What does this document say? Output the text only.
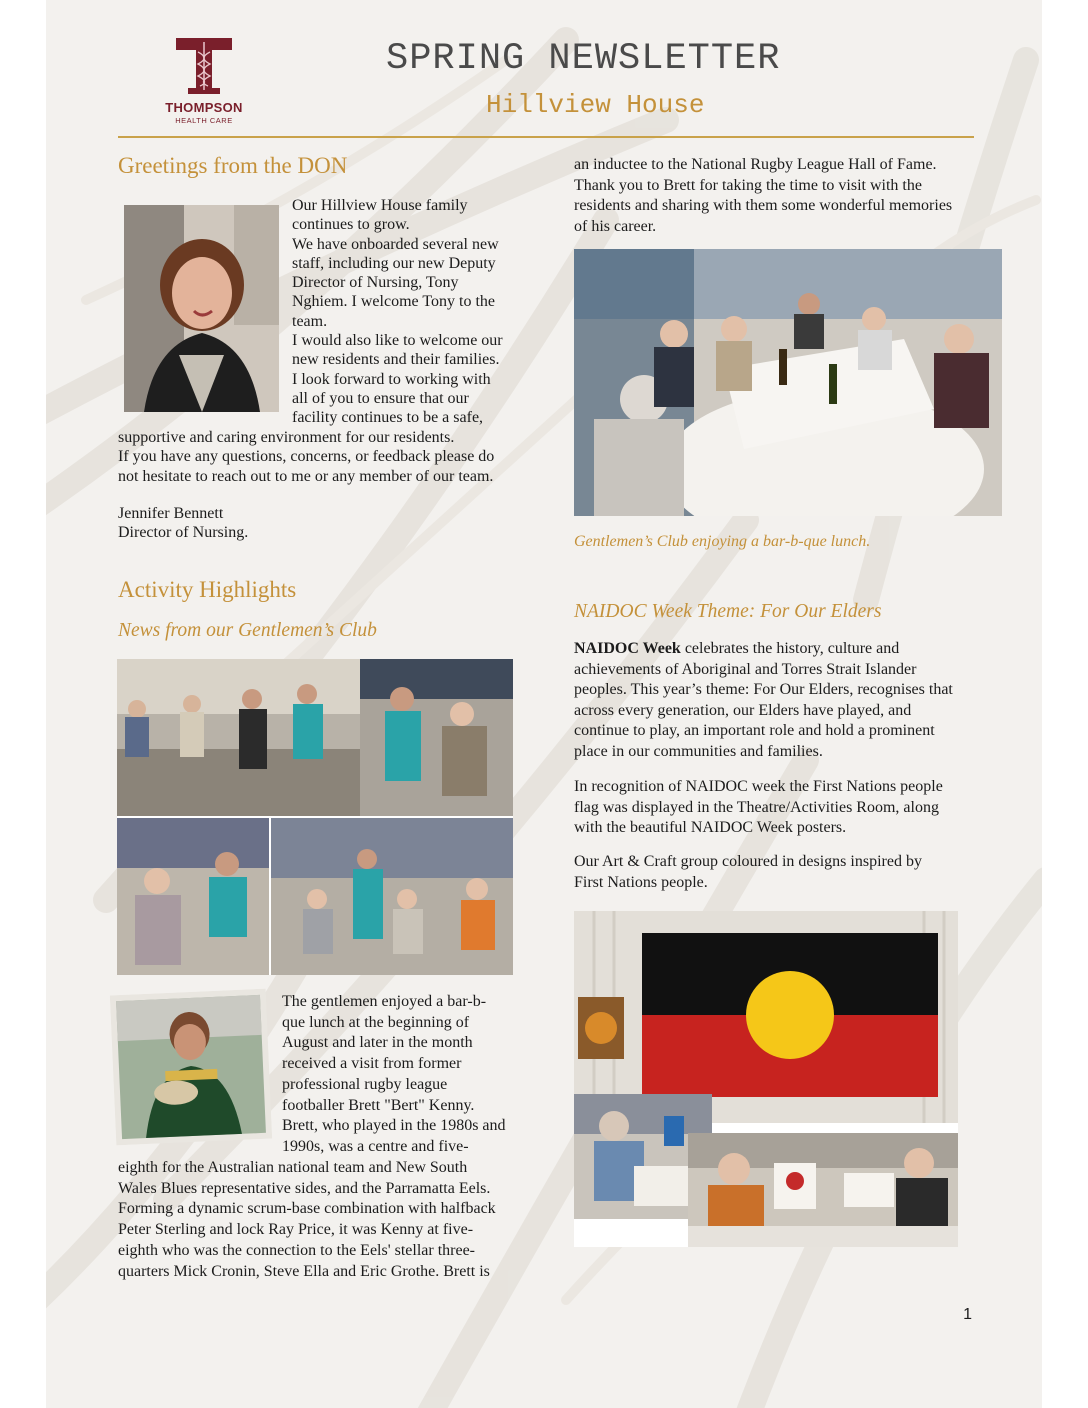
THOMPSON
HEALTH CARE
SPRING NEWSLETTER
Hillview House
Greetings from the DON
Our Hillview House family
continues to grow.
We have onboarded several new
staff, including our new Deputy
Director of Nursing, Tony
Nghiem. I welcome Tony to the
team.
I would also like to welcome our
new residents and their families.
I look forward to working with
all of you to ensure that our
facility continues to be a safe,
supportive and caring environment for our residents.
If you have any questions, concerns, or feedback please do
not hesitate to reach out to me or any member of our team.
Jennifer Bennett
Director of Nursing.
Activity Highlights
News from our Gentlemen’s Club
The gentlemen enjoyed a bar-b-
que lunch at the beginning of
August and later in the month
received a visit from former
professional rugby league
footballer Brett "Bert" Kenny.
Brett, who played in the 1980s and
1990s, was a centre and five-
eighth for the Australian national team and New South
Wales Blues representative sides, and the Parramatta Eels.
Forming a dynamic scrum-base combination with halfback
Peter Sterling and lock Ray Price, it was Kenny at five-
eighth who was the connection to the Eels' stellar three-
quarters Mick Cronin, Steve Ella and Eric Grothe. Brett is
an inductee to the National Rugby League Hall of Fame.
Thank you to Brett for taking the time to visit with the
residents and sharing with them some wonderful memories
of his career.
Gentlemen’s Club enjoying a bar-b-que lunch.
NAIDOC Week Theme: For Our Elders
NAIDOC Week celebrates the history, culture and
achievements of Aboriginal and Torres Strait Islander
peoples. This year’s theme: For Our Elders, recognises that
across every generation, our Elders have played, and
continue to play, an important role and hold a prominent
place in our communities and families.
In recognition of NAIDOC week the First Nations people
flag was displayed in the Theatre/Activities Room, along
with the beautiful NAIDOC Week posters.
Our Art & Craft group coloured in designs inspired by
First Nations people.
1
